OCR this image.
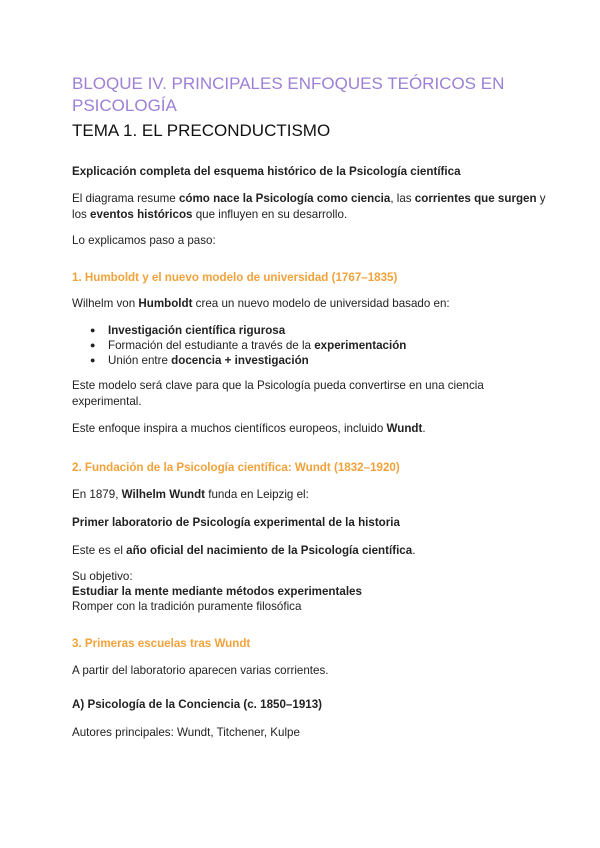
BLOQUE IV. PRINCIPALES ENFOQUES TEÓRICOS EN
PSICOLOGÍA
TEMA 1. EL PRECONDUCTISMO
Explicación completa del esquema histórico de la Psicología científica
El diagrama resume cómo nace la Psicología como ciencia, las corrientes que surgen y
los eventos históricos que influyen en su desarrollo.
Lo explicamos paso a paso:
1. Humboldt y el nuevo modelo de universidad (1767–1835)
Wilhelm von Humboldt crea un nuevo modelo de universidad basado en:
● Investigación científica rigurosa
● Formación del estudiante a través de la experimentación
● Unión entre docencia + investigación
Este modelo será clave para que la Psicología pueda convertirse en una ciencia
experimental.
Este enfoque inspira a muchos científicos europeos, incluido Wundt.
2. Fundación de la Psicología científica: Wundt (1832–1920)
En 1879, Wilhelm Wundt funda en Leipzig el:
Primer laboratorio de Psicología experimental de la historia
Este es el año oficial del nacimiento de la Psicología científica.
Su objetivo:
Estudiar la mente mediante métodos experimentales
Romper con la tradición puramente filosófica
3. Primeras escuelas tras Wundt
A partir del laboratorio aparecen varias corrientes.
A) Psicología de la Conciencia (c. 1850–1913)
Autores principales: Wundt, Titchener, Kulpe
